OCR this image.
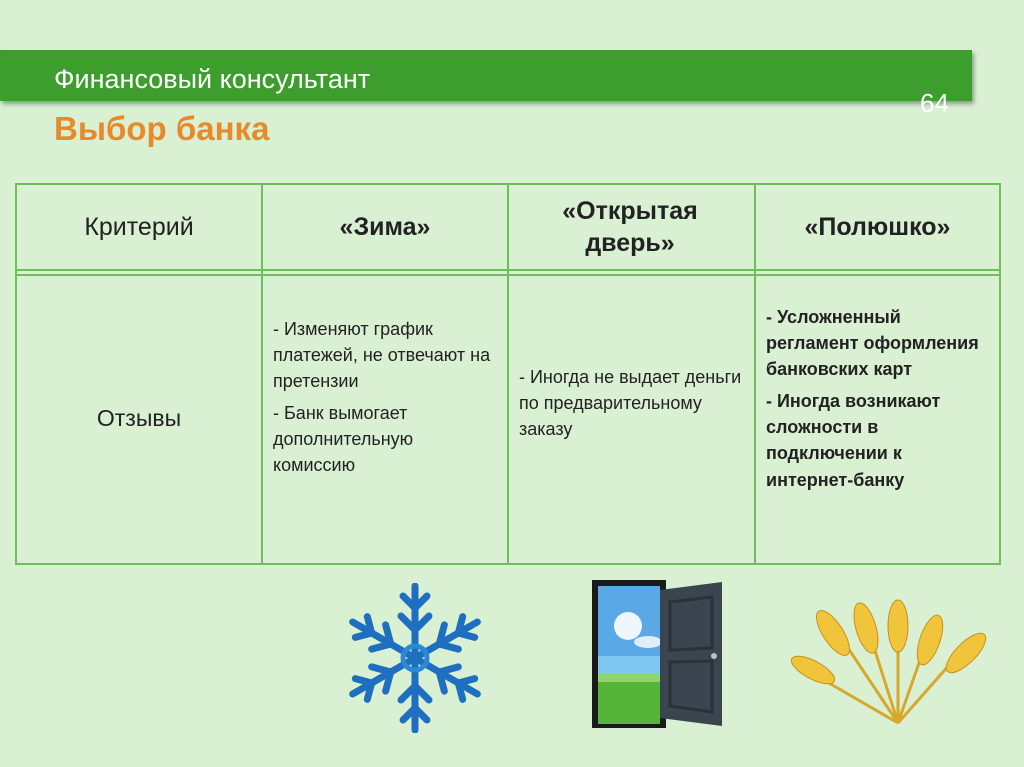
Финансовый консультант
64
Выбор банка
Критерий	«Зима»
«Открытая дверь»
«Полюшко»
Отзывы

- Изменяют график платежей, не отвечают на претензии

- Банк вымогает дополнительную комиссию

- Иногда не выдает деньги по предварительному заказу

- Усложненный регламент оформления банковских карт

- Иногда возникают сложности в подключении к интернет-банку
